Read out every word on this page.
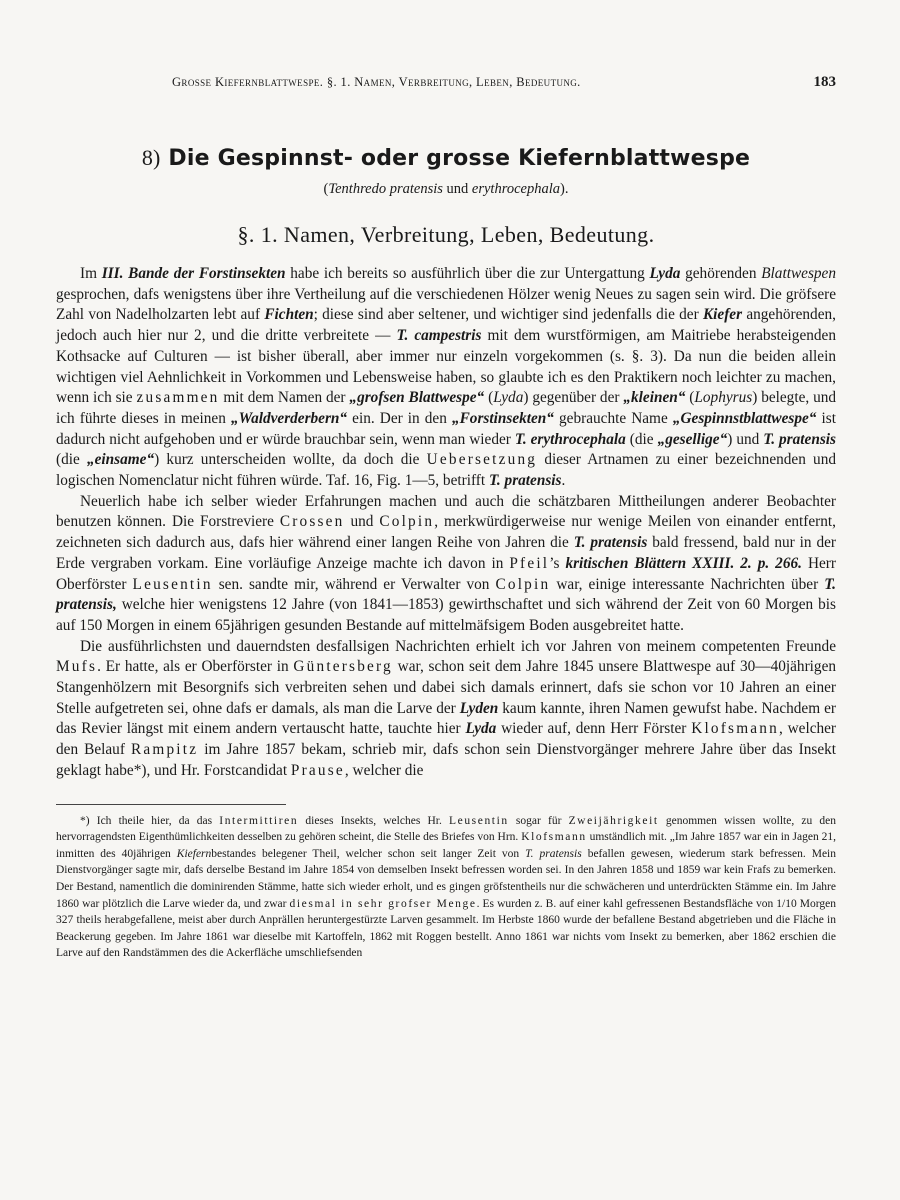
Grosse Kiefernblattwespe. §. 1. Namen, Verbreitung, Leben, Bedeutung.	183
8) Die Gespinnst- oder grosse Kiefernblattwespe
(Tenthredo pratensis und erythrocephala).
§. 1. Namen, Verbreitung, Leben, Bedeutung.

Im III. Bande der Forstinsekten habe ich bereits so ausführlich über die zur Untergattung Lyda gehörenden Blattwespen gesprochen, dafs wenigstens über ihre Vertheilung auf die verschiedenen Hölzer wenig Neues zu sagen sein wird. Die gröfsere Zahl von Nadelholzarten lebt auf Fichten; diese sind aber seltener, und wichtiger sind jedenfalls die der Kiefer angehörenden, jedoch auch hier nur 2, und die dritte verbreitete — T. campestris mit dem wurstförmigen, am Maitriebe herabsteigenden Kothsacke auf Culturen — ist bisher überall, aber immer nur einzeln vorgekommen (s. §. 3). Da nun die beiden allein wichtigen viel Aehnlichkeit in Vorkommen und Lebensweise haben, so glaubte ich es den Praktikern noch leichter zu machen, wenn ich sie zusammen mit dem Namen der „grofsen Blattwespe“ (Lyda) gegenüber der „kleinen“ (Lophyrus) belegte, und ich führte dieses in meinen „Waldverderbern“ ein. Der in den „Forstinsekten“ gebrauchte Name „Gespinnstblattwespe“ ist dadurch nicht aufgehoben und er würde brauchbar sein, wenn man wieder T. erythrocephala (die „gesellige“) und T. pratensis (die „einsame“) kurz unterscheiden wollte, da doch die Uebersetzung dieser Artnamen zu einer bezeichnenden und logischen Nomenclatur nicht führen würde. Taf. 16, Fig. 1—5, betrifft T. pratensis.

Neuerlich habe ich selber wieder Erfahrungen machen und auch die schätzbaren Mittheilungen anderer Beobachter benutzen können. Die Forstreviere Crossen und Colpin, merkwürdigerweise nur wenige Meilen von einander entfernt, zeichneten sich dadurch aus, dafs hier während einer langen Reihe von Jahren die T. pratensis bald fressend, bald nur in der Erde vergraben vorkam. Eine vorläufige Anzeige machte ich davon in Pfeil’s kritischen Blättern XXIII. 2. p. 266. Herr Oberförster Leusentin sen. sandte mir, während er Verwalter von Colpin war, einige interessante Nachrichten über T. pratensis, welche hier wenigstens 12 Jahre (von 1841—1853) gewirthschaftet und sich während der Zeit von 60 Morgen bis auf 150 Morgen in einem 65jährigen gesunden Bestande auf mittelmäfsigem Boden ausgebreitet hatte.

Die ausführlichsten und dauerndsten desfallsigen Nachrichten erhielt ich vor Jahren von meinem competenten Freunde Mufs. Er hatte, als er Oberförster in Güntersberg war, schon seit dem Jahre 1845 unsere Blattwespe auf 30—40jährigen Stangenhölzern mit Besorgnifs sich verbreiten sehen und dabei sich damals erinnert, dafs sie schon vor 10 Jahren an einer Stelle aufgetreten sei, ohne dafs er damals, als man die Larve der Lyden kaum kannte, ihren Namen gewufst habe. Nachdem er das Revier längst mit einem andern vertauscht hatte, tauchte hier Lyda wieder auf, denn Herr Förster Klofsmann, welcher den Belauf Rampitz im Jahre 1857 bekam, schrieb mir, dafs schon sein Dienstvorgänger mehrere Jahre über das Insekt geklagt habe*), und Hr. Forstcandidat Prause, welcher die

*) Ich theile hier, da das Intermittiren dieses Insekts, welches Hr. Leusentin sogar für Zweijährigkeit genommen wissen wollte, zu den hervorragendsten Eigenthümlichkeiten desselben zu gehören scheint, die Stelle des Briefes von Hrn. Klofsmann umständlich mit. „Im Jahre 1857 war ein in Jagen 21, inmitten des 40jährigen Kiefernbestandes belegener Theil, welcher schon seit langer Zeit von T. pratensis befallen gewesen, wiederum stark befressen. Mein Dienstvorgänger sagte mir, dafs derselbe Bestand im Jahre 1854 von demselben Insekt befressen worden sei. In den Jahren 1858 und 1859 war kein Frafs zu bemerken. Der Bestand, namentlich die dominirenden Stämme, hatte sich wieder erholt, und es gingen gröfstentheils nur die schwächeren und unterdrückten Stämme ein. Im Jahre 1860 war plötzlich die Larve wieder da, und zwar diesmal in sehr grofser Menge. Es wurden z. B. auf einer kahl gefressenen Bestandsfläche von 1/10 Morgen 327 theils herabgefallene, meist aber durch Anprällen heruntergestürzte Larven gesammelt. Im Herbste 1860 wurde der befallene Bestand abgetrieben und die Fläche in Beackerung gegeben. Im Jahre 1861 war dieselbe mit Kartoffeln, 1862 mit Roggen bestellt. Anno 1861 war nichts vom Insekt zu bemerken, aber 1862 erschien die Larve auf den Randstämmen des die Ackerfläche umschliefsenden
